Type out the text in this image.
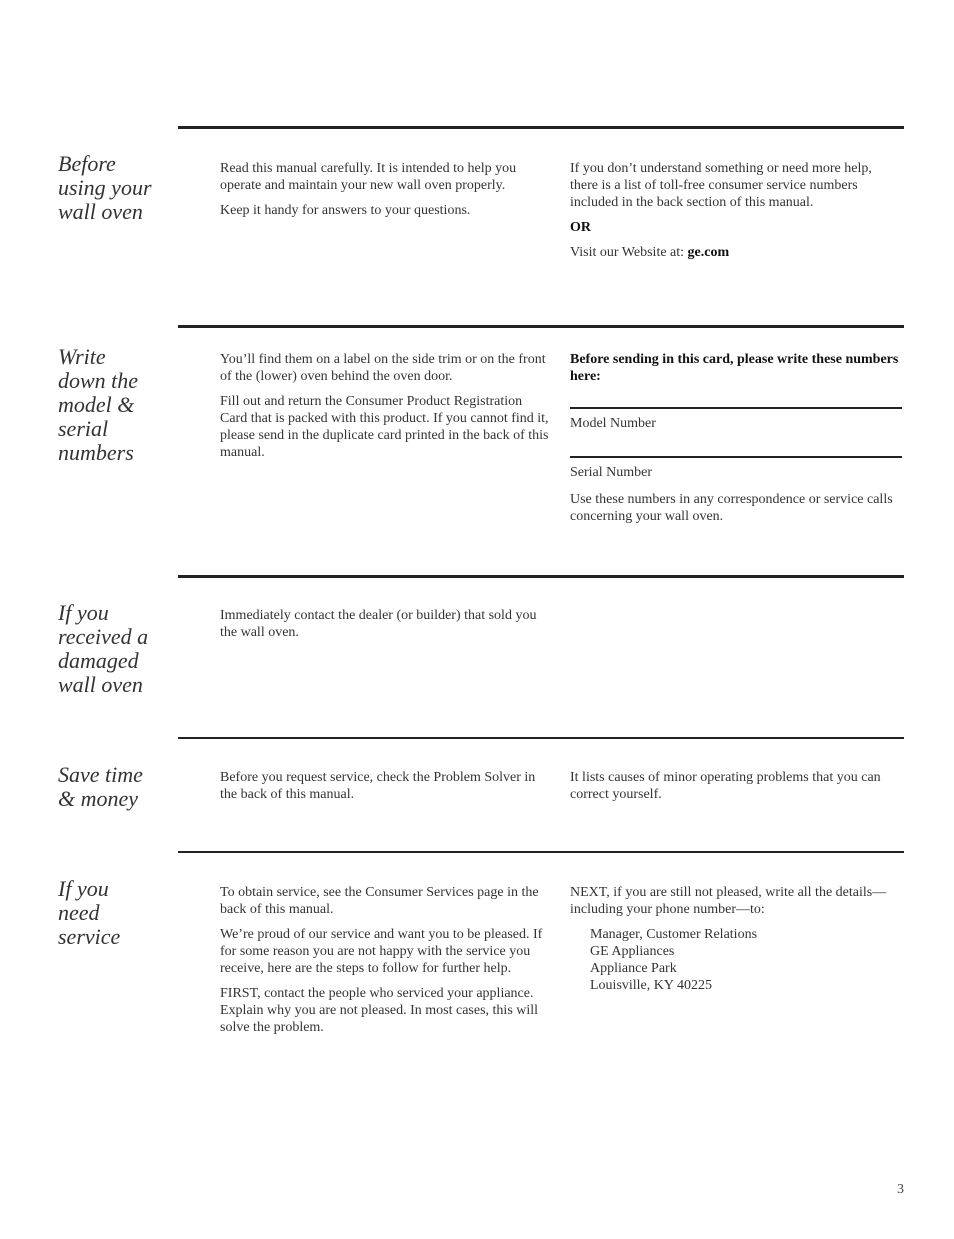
Before
using your
wall oven

Read this manual carefully. It is intended to help you operate and maintain your new wall oven properly.

Keep it handy for answers to your questions.

If you don’t understand something or need more help, there is a list of toll-free consumer service numbers included in the back section of this manual.

OR

Visit our Website at: ge.com

Write
down the
model &
serial
numbers

You’ll find them on a label on the side trim or on the front of the (lower) oven behind the oven door.

Fill out and return the Consumer Product Registration Card that is packed with this product. If you cannot find it, please send in the duplicate card printed in the back of this manual.

Before sending in this card, please write these numbers here:

Model Number

Serial Number

Use these numbers in any correspondence or service calls concerning your wall oven.

If you
received a
damaged
wall oven

Immediately contact the dealer (or builder) that sold you the wall oven.

Save time
& money

Before you request service, check the Problem Solver in the back of this manual.

It lists causes of minor operating problems that you can correct yourself.

If you
need
service

To obtain service, see the Consumer Services page in the back of this manual.

We’re proud of our service and want you to be pleased. If for some reason you are not happy with the service you receive, here are the steps to follow for further help.

FIRST, contact the people who serviced your appliance. Explain why you are not pleased. In most cases, this will solve the problem.

NEXT, if you are still not pleased, write all the details—including your phone number—to:

Manager, Customer Relations
GE Appliances
Appliance Park
Louisville, KY 40225
3
